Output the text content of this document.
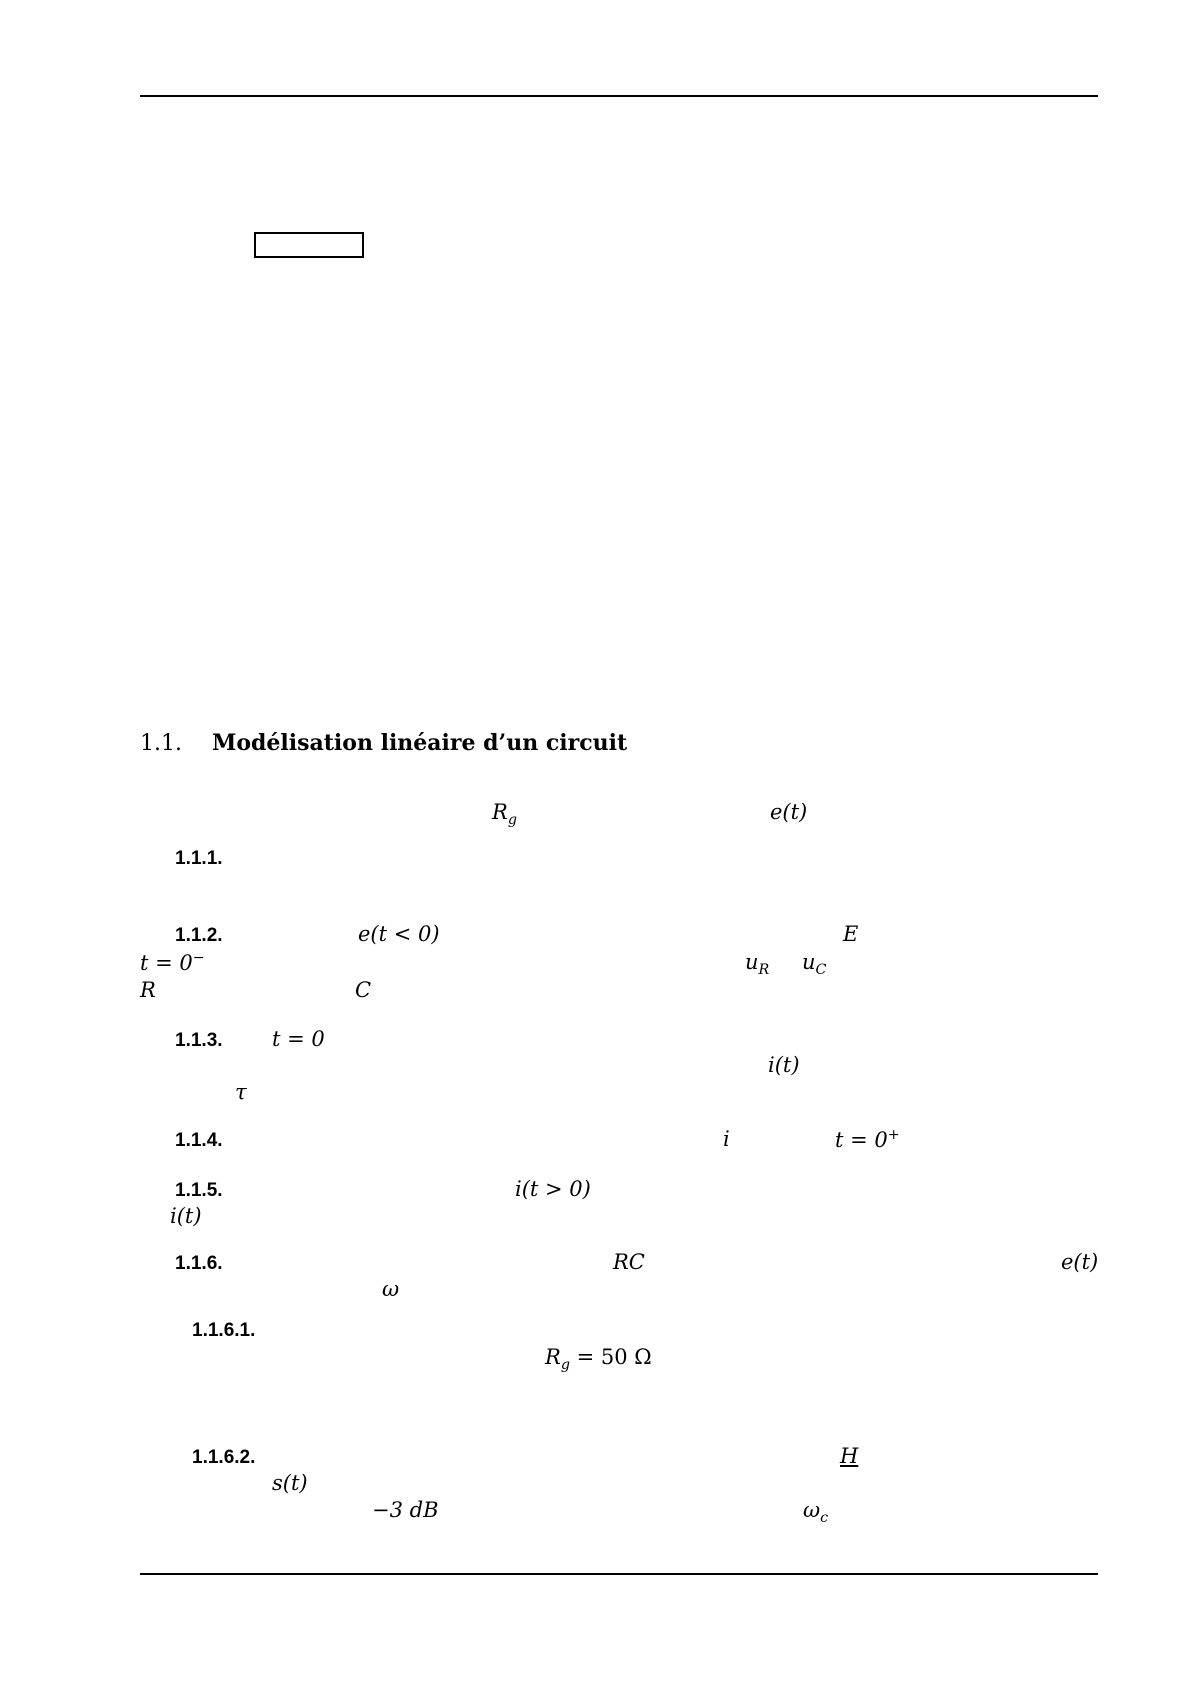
1.1. Modélisation linéaire d’un circuit
$R_g$	e(t)
1.1.1.
1.1.2.	e(t < 0)	E
t = 0−	$u_R$ $u_C$
R	C
1.1.3. t = 0
i(t)
τ
1.1.4.	i	t = 0+
1.1.5.	i(t > 0)
i(t)
1.1.6.	RC	e(t)
ω
1.1.6.1.
$R_g = 50$ Ω
1.1.6.2.	H
s(t)
−3 dB	$\omega_c$
